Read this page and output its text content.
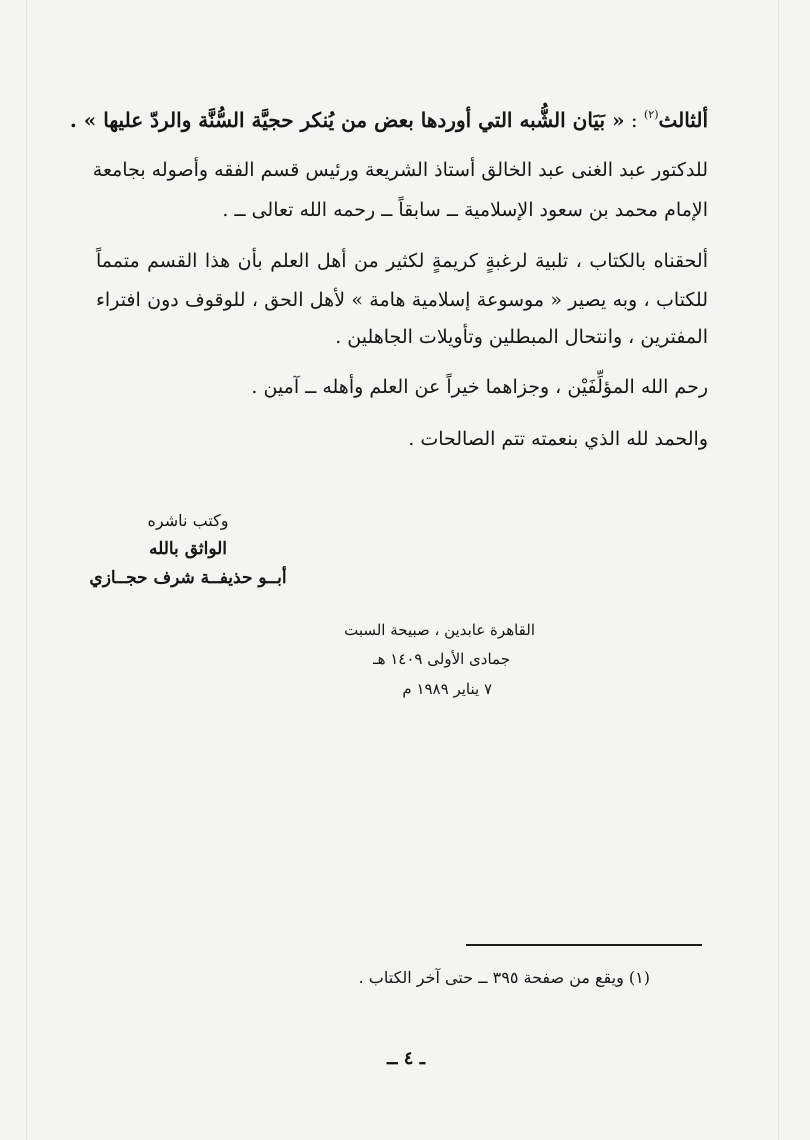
ألثالث$^{(٢)}$ : « بَيَان الشُّبه التي أوردها بعض من يُنكر حجيَّة السُّنَّة والردّ عليها » .
للدكتور عبد الغنى عبد الخالق أستاذ الشريعة ورئيس قسم الفقه وأصوله بجامعة
الإمام محمد بن سعود الإسلامية ــ سابقاً ــ رحمه الله تعالى ــ .
ألحقناه بالكتاب ، تلبية لرغبةٍ كريمةٍ لكثير من أهل العلم بأن هذا القسم متمماً
للكتاب ، وبه يصير « موسوعة إسلامية هامة » لأهل الحق ، للوقوف دون افتراء
المفترين ، وانتحال المبطلين وتأويلات الجاهلين .
رحم الله المؤلِّفَيْن ، وجزاهما خيراً عن العلم وأهله ــ آمين .
والحمد لله الذي بنعمته تتم الصالحات .
وكتب ناشره
الواثق بالله
أبــو حذيفــة شرف حجــازي
القاهرة عابدين ، صبيحة السبت
جمادى الأولى ١٤٠٩ هـ
٧ يناير ١٩٨٩ م
(١) ويقع من صفحة ٣٩٥ ــ حتى آخر الكتاب .
ـ ٤ ــ
